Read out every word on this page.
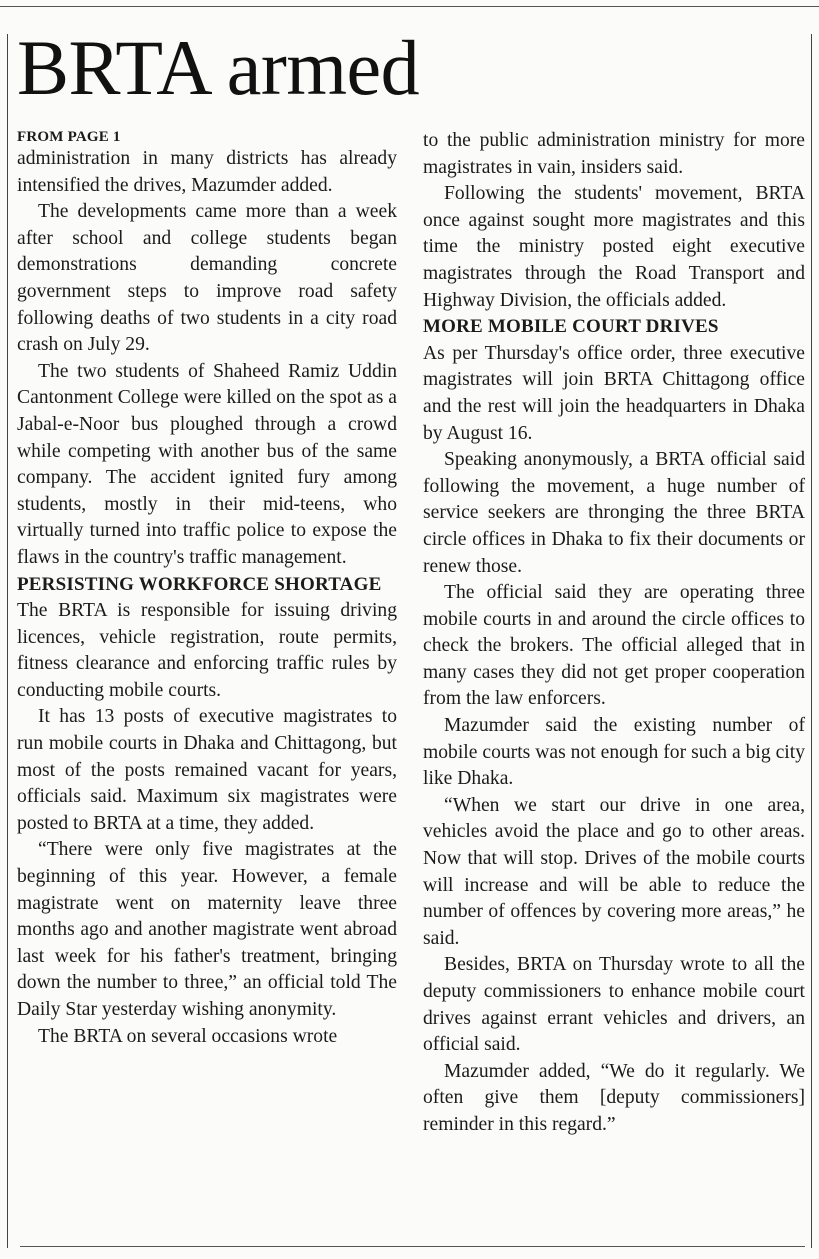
BRTA armed
FROM PAGE 1

administration in many districts has already intensified the drives, Mazumder added.

The developments came more than a week after school and college students began demonstrations demanding concrete government steps to improve road safety following deaths of two students in a city road crash on July 29.

The two students of Shaheed Ramiz Uddin Cantonment College were killed on the spot as a Jabal-e-Noor bus ploughed through a crowd while competing with another bus of the same company. The accident ignited fury among students, mostly in their mid-teens, who virtually turned into traffic police to expose the flaws in the country's traffic management.

PERSISTING WORKFORCE SHORTAGE

The BRTA is responsible for issuing driving licences, vehicle registration, route permits, fitness clearance and enforcing traffic rules by conducting mobile courts.

It has 13 posts of executive magistrates to run mobile courts in Dhaka and Chittagong, but most of the posts remained vacant for years, officials said. Maximum six magistrates were posted to BRTA at a time, they added.

“There were only five magistrates at the beginning of this year. However, a female magistrate went on maternity leave three months ago and another magistrate went abroad last week for his father's treatment, bringing down the number to three,” an official told The Daily Star yesterday wishing anonymity.

The BRTA on several occasions wrote

to the public administration ministry for more magistrates in vain, insiders said.

Following the students' movement, BRTA once against sought more magistrates and this time the ministry posted eight executive magistrates through the Road Transport and Highway Division, the officials added.

MORE MOBILE COURT DRIVES

As per Thursday's office order, three executive magistrates will join BRTA Chittagong office and the rest will join the headquarters in Dhaka by August 16.

Speaking anonymously, a BRTA official said following the movement, a huge number of service seekers are thronging the three BRTA circle offices in Dhaka to fix their documents or renew those.

The official said they are operating three mobile courts in and around the circle offices to check the brokers. The official alleged that in many cases they did not get proper cooperation from the law enforcers.

Mazumder said the existing number of mobile courts was not enough for such a big city like Dhaka.

“When we start our drive in one area, vehicles avoid the place and go to other areas. Now that will stop. Drives of the mobile courts will increase and will be able to reduce the number of offences by covering more areas,” he said.

Besides, BRTA on Thursday wrote to all the deputy commissioners to enhance mobile court drives against errant vehicles and drivers, an official said.

Mazumder added, “We do it regularly. We often give them [deputy commissioners] reminder in this regard.”
